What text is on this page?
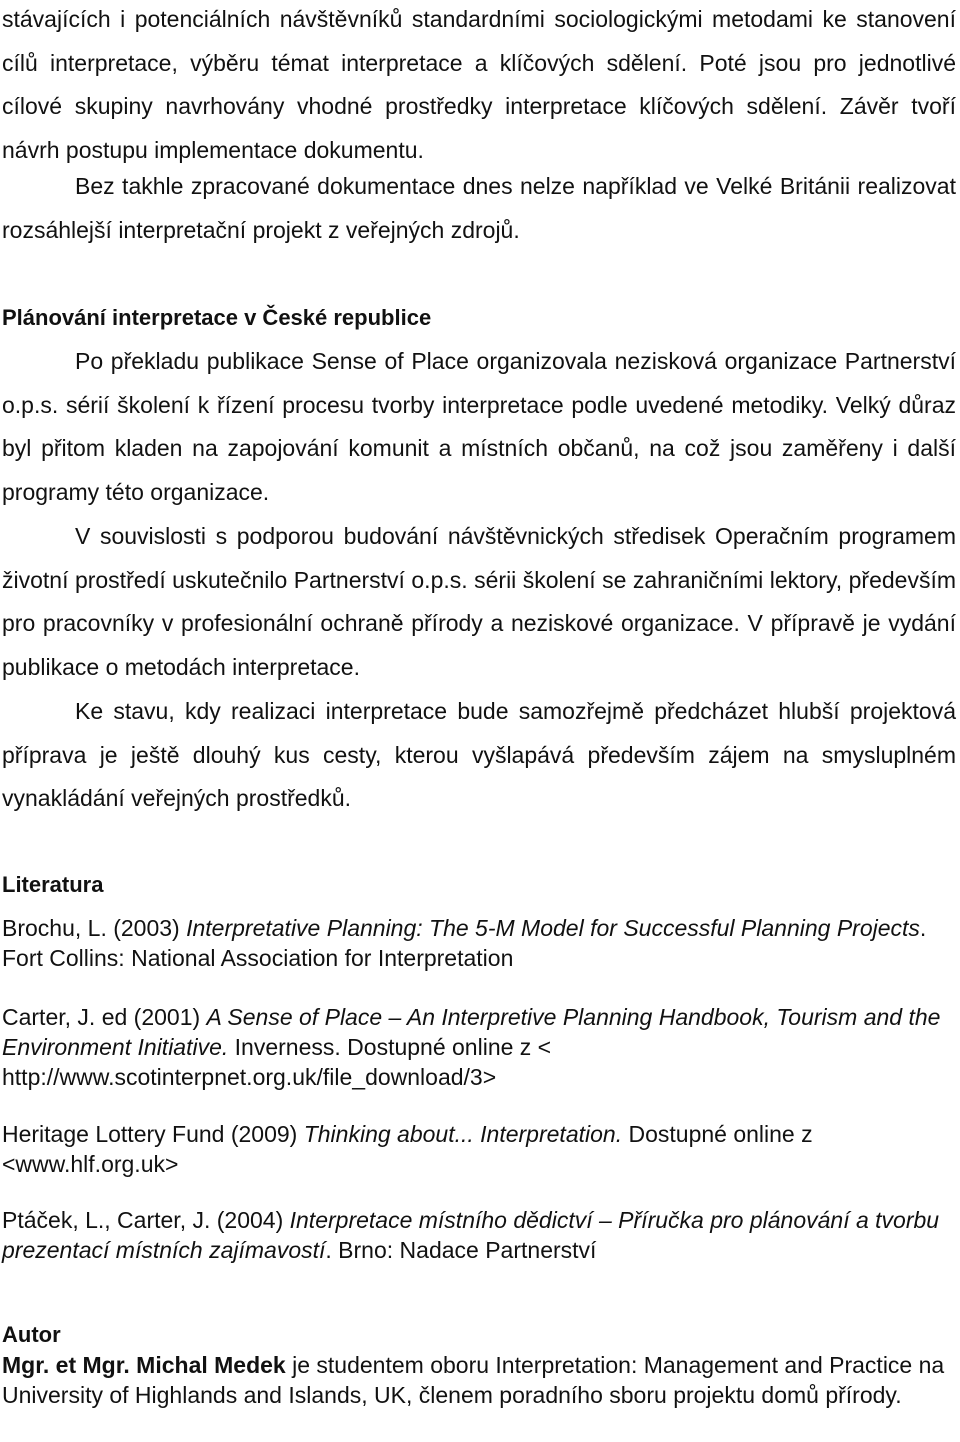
stávajících i potenciálních návštěvníků standardními sociologickými metodami ke stanovení cílů interpretace, výběru témat interpretace a klíčových sdělení. Poté jsou pro jednotlivé cílové skupiny navrhovány vhodné prostředky interpretace klíčových sdělení. Závěr tvoří návrh postupu implementace dokumentu.

Bez takhle zpracované dokumentace dnes nelze například ve Velké Británii realizovat rozsáhlejší interpretační projekt z veřejných zdrojů.

Plánování interpretace v České republice

Po překladu publikace Sense of Place organizovala nezisková organizace Partnerství o.p.s. sérií školení k řízení procesu tvorby interpretace podle uvedené metodiky. Velký důraz byl přitom kladen na zapojování komunit a místních občanů, na což jsou zaměřeny i další programy této organizace.

V souvislosti s podporou budování návštěvnických středisek Operačním programem životní prostředí uskutečnilo Partnerství o.p.s. sérii školení se zahraničními lektory, především pro pracovníky v profesionální ochraně přírody a neziskové organizace. V přípravě je vydání publikace o metodách interpretace.

Ke stavu, kdy realizaci interpretace bude samozřejmě předcházet hlubší projektová příprava je ještě dlouhý kus cesty, kterou vyšlapává především zájem na smysluplném vynakládání veřejných prostředků.

Literatura

Brochu, L. (2003) Interpretative Planning: The 5-M Model for Successful Planning Projects. Fort Collins: National Association for Interpretation

Carter, J. ed (2001) A Sense of Place – An Interpretive Planning Handbook, Tourism and the Environment Initiative. Inverness. Dostupné online z < http://www.scotinterpnet.org.uk/file_download/3>

Heritage Lottery Fund (2009) Thinking about... Interpretation. Dostupné online z <www.hlf.org.uk>

Ptáček, L., Carter, J. (2004) Interpretace místního dědictví – Příručka pro plánování a tvorbu prezentací místních zajímavostí. Brno: Nadace Partnerství

Autor

Mgr. et Mgr. Michal Medek je studentem oboru Interpretation: Management and Practice na University of Highlands and Islands, UK, členem poradního sboru projektu domů přírody.
